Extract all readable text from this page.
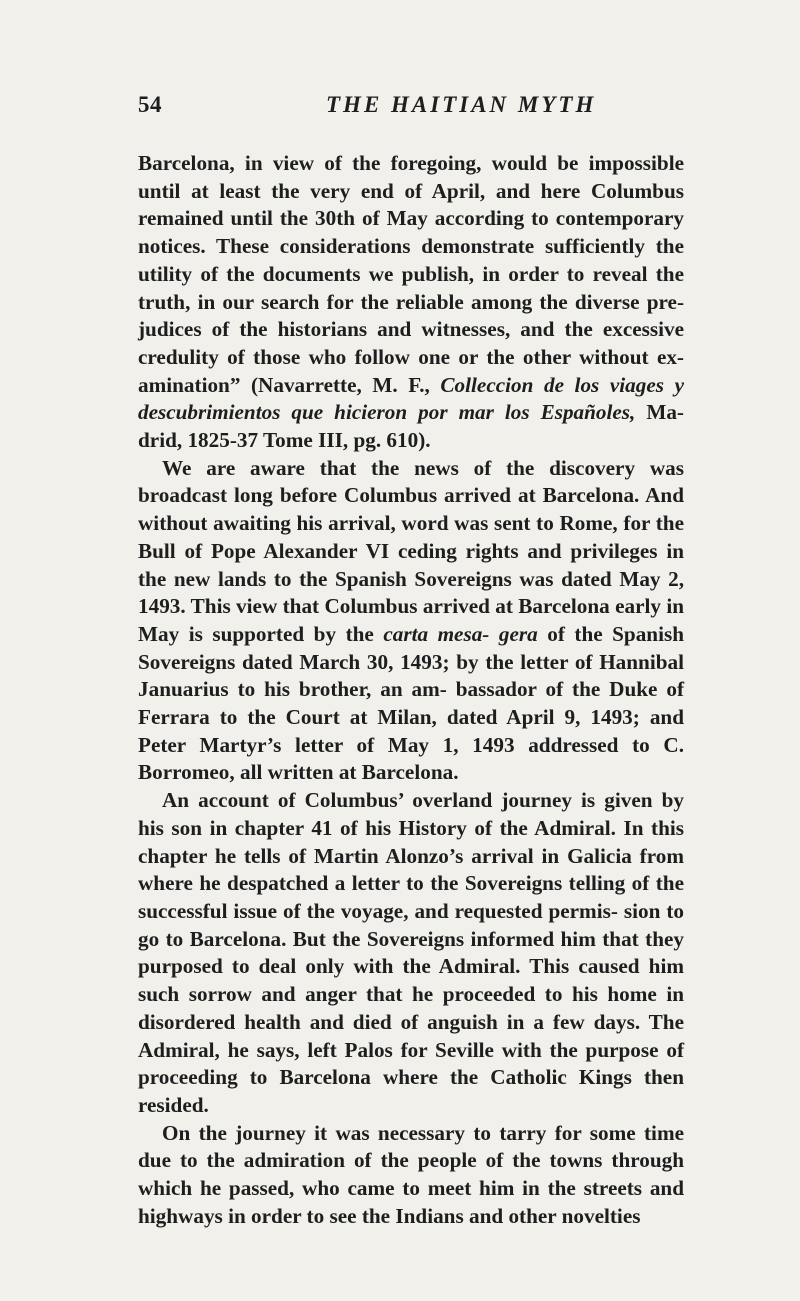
54	THE HAITIAN MYTH

Barcelona, in view of the foregoing, would be impossible until at least the very end of April, and here Columbus remained until the 30th of May according to contemporary notices. These considerations demonstrate sufficiently the utility of the documents we publish, in order to reveal the truth, in our search for the reliable among the diverse pre- judices of the historians and witnesses, and the excessive credulity of those who follow one or the other without ex- amination” (Navarrette, M. F., Colleccion de los viages y descubrimientos que hicieron por mar los Españoles, Ma- drid, 1825-37 Tome III, pg. 610).

We are aware that the news of the discovery was broadcast long before Columbus arrived at Barcelona. And without awaiting his arrival, word was sent to Rome, for the Bull of Pope Alexander VI ceding rights and privileges in the new lands to the Spanish Sovereigns was dated May 2, 1493. This view that Columbus arrived at Barcelona early in May is supported by the carta mesa- gera of the Spanish Sovereigns dated March 30, 1493; by the letter of Hannibal Januarius to his brother, an am- bassador of the Duke of Ferrara to the Court at Milan, dated April 9, 1493; and Peter Martyr’s letter of May 1, 1493 addressed to C. Borromeo, all written at Barcelona.

An account of Columbus’ overland journey is given by his son in chapter 41 of his History of the Admiral. In this chapter he tells of Martin Alonzo’s arrival in Galicia from where he despatched a letter to the Sovereigns telling of the successful issue of the voyage, and requested permis- sion to go to Barcelona. But the Sovereigns informed him that they purposed to deal only with the Admiral. This caused him such sorrow and anger that he proceeded to his home in disordered health and died of anguish in a few days. The Admiral, he says, left Palos for Seville with the purpose of proceeding to Barcelona where the Catholic Kings then resided.

On the journey it was necessary to tarry for some time due to the admiration of the people of the towns through which he passed, who came to meet him in the streets and highways in order to see the Indians and other novelties
